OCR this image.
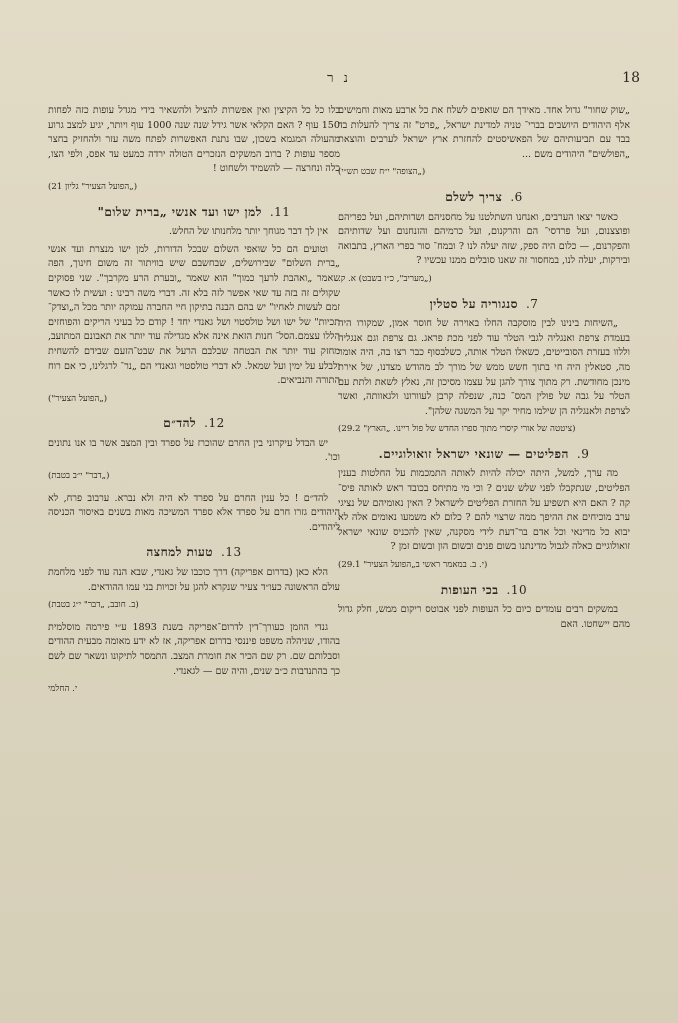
18
נ ר

„שוק שחור" גדול אחד. מאידך הם שואפים לשלח את כל ארבע מאות וחמישים אלף היהודים היושבים בברי־ טניה למדינת ישראל, „פרט" זה צריך להעלות בד בבד עם תביעותיהם של הפאשיסטים להחזרת ארץ ישראל לערבים והוצאת „הפולשים" היהודים משם ...

(„הצופה" י״ח שבט תש״י)
6.צריך לשלם

כאשר יצאו הערבים, ואנחנו השתלטנו על מחסניהם ושדותיהם, ועל כפריהם ופוצצנום, ועל פרדסי־ הם והרקנום, ועל כרמיהם והזנחנום ועל שדותיהם והפקרנום, — כלום היה ספק, שזה יעלה לנו ? ובמח־ סור בפרי הארץ, בתבואה ובירקות, יעלה לנו, במחסור זה שאנו סובלים ממנו עכשיו ?

(„מעריב", כ״ו בשבט) א. ק.
7.סנגוריה על סטלין

„השיחות בינינו לבין מוסקבה החלו באוירה של חוסר אמון, שמקורו היה בעמדת צרפת ואנגליה לגבי הטלר עוד לפני מכת פראג. גם צרפת וגם אנגליה וללוו בעזרת הסובייטים, כשאלו הטלר אותה, כשלבסוף כבר רצו בה, היה אומר מה, סטאלין היה חי בתוך חשש ממש של מורך לב מהודש מצדנו, של אירת מינכן מחודשת. רק מתוך צורך להגן על עצמו מסיכון זה, נאלץ לשאת ולתת עם הטלר על גבה של פולין המס־ כנה, שנפלה קרבן לעוורונו ולגאוותה, ואשר לצרפת ולאנגליה הן שילמו מחיר יקר על המשגה שלהן".

(ציטטה של אורי קיסרי מתוך ספרו החדש של פול ריינו. „הארץ" 29.2)
9.הפליטים — שונאי ישראל זואולוגיים.

מה ערך, למשל, היתה יכולה להיות לאותה התמכמות על החלטות בענין הפליטים, שנתקבלו לפני שלש שנים ? וכי מי מתיחס בכובד ראש לאותה פיס־ קה ? האם היא תשפיע על החזרת הפליטים לישראל ? האין נאומיהם של נציגי ערב מוכיחים את ההיפך ממה שרצוי להם ? כלום לא משמעו נאומים אלה לא יבוא כל מדינאי וכל אדם בר־דעת לידי מסקנה, שאין להכניס שונאי ישראל זואולוגיים כאלה לגבול מדינתנו בשום פנים ובשום הון ובשום זמן ?

(י. ב. במאמר ראשי ב„הפועל הצעיר" 29.1)
10.בכי העופות

במשקים רבים עומדים כיום כל העופות לפני אבוטס ריקום ממש, חלק גדול מהם יישחטו. האם

בלו כל כל הקיצין ואין אפשרות להציל ולהשאיר בידי מגדל עופות כזה לפחות 150 עוף ? האם הקלאי אשר גידל שנה שנה 1000 עוף ויותר, יגיע למצב גרוע מהעולה המגמא בשכון, שבו נתנת האפשרות לפתח משה עזר ולהחזיק בחצר מספר עופות ? ברוב המשקים הנזכרים הטולה ירדה כמעט עד אפס, ולפי הצו, כלה ונחרצה — להשמיד ולשחוט !

(„הפועל הצעיר" גליון 21)
11.למן ישו ועד אנשי „ברית שלום"

אין לך דבר מגוחך יותר מלחנותו של החלש.

וטועים הם כל שואפי השלום שבכל הדורות, למן ישו מנצרת ועד אנשי „ברית השלום" שבירושלים, שבחשבם שיש בוויתור זה משום חינוך, הפה שאמר „ואהבת לרעך כמוך" הוא שאמר „ובערת הרע מקרבך". שני פסוקים שקולים זה בזה עד שאי אפשר לזה בלא זה. דברי משה רבינו : ועשית לו כאשר זמם לעשות לאחיו" יש בהם הבנה בתיקון חיי החברה עמוקה יותר מכל ה„וצדק־ תכיות" של ישו ושל טולסטוי ושל גאנדי יחד ! קודם כל בעיני הריקים והפוחזים הללו עצמם.הסל־ חנות הזאת אינה אלא מגדילה עוד יותר את תאבונם המתועב, מחזק עוד יותר את הבטחה שבלבם הרעל את שבט־הזעם שבידם להשחית ולבלע על ימין ועל שמאל. לא דברי טולסטוי וגאנדי הם „נר־ לרגלינו, כי אם רוח התורה והנביאים.

(„הפועל הצעיר")
12.להד״ם

יש הבדל עיקרוני בין החרם שהוכרז על ספרד ובין המצב אשר בו אנו נתונים וכו'.

(„דבר" י״ב בטבת)

להד״ם ! כל ענין החרם על ספרד לא היה ולא נברא. ערבוב פרח, לא היהודים גזרו חרם על ספרד אלא ספרד המשיכה מאות בשנים באיסור הכניסה ליהודים.

13.טעות למחצה

הלא כאן (בדרום אפריקה) דרך כוכבו של גאנדי, שבא הנה עוד לפני מלחמת עולם הראשונה כעו״ד צעיר שנקרא להגן על זכויות בני עמו ההודאים.

(ב. חובב, „דבר" י״ג בטבת)

גנדי הוזמן כעורך־דין לדרום־אפריקה בשנת 1893 ע״י פירמה מוסלמית בהודו, שניהלה משפט פיננסי בדרום אפריקה, אז לא ידע מאומה מבעית ההודים וסבלותם שם. רק שם הכיר את חומרת המצב. התמסר לתיקונו ונשאר שם לשם כך בהתנדבות כ״ב שנים, והיה שם — לגאנדי.

י. החלמי
